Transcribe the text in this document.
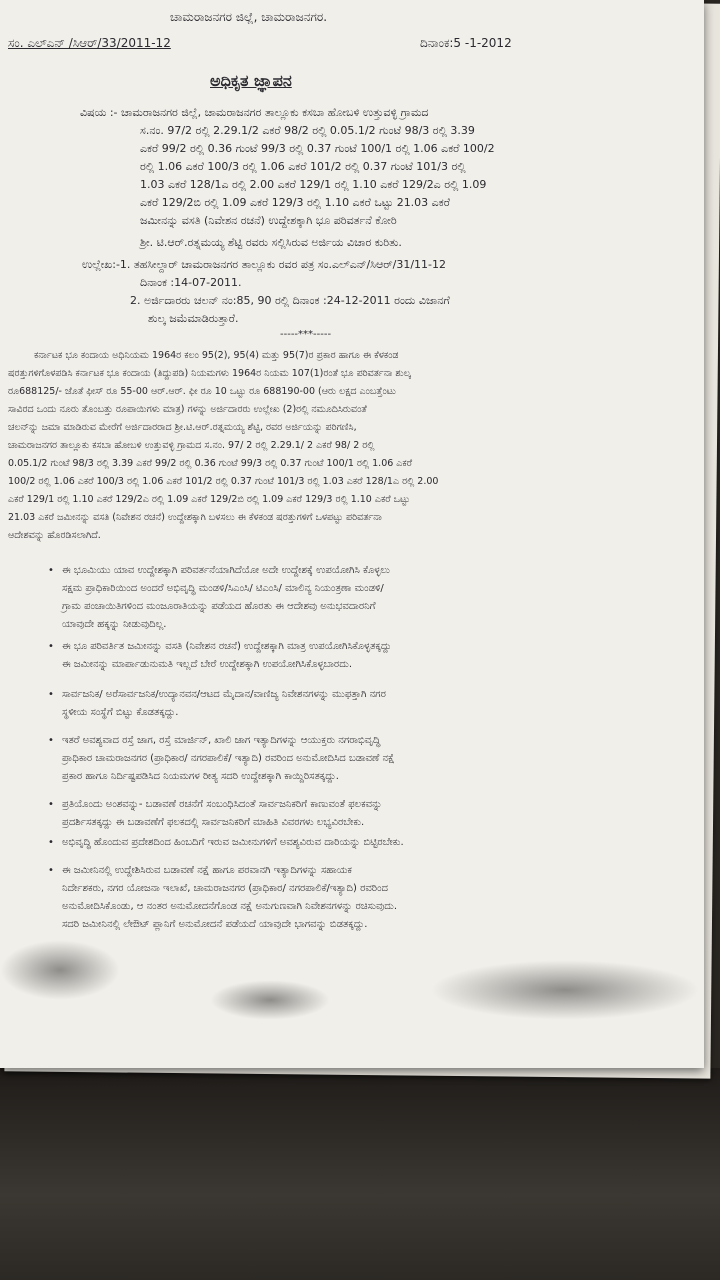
ಚಾಮರಾಜನಗರ ಜಿಲ್ಲೆ, ಚಾಮರಾಜನಗರ.
ಸಂ. ಎಲ್‌ಎನ್‌ /ಸಿಆರ್/33/2011-12	ದಿನಾಂಕ:5 -1-2012
ಅಧಿಕೃತ ಜ್ಞಾಪನ
ವಿಷಯ :- ಚಾಮರಾಜನಗರ ಜಿಲ್ಲೆ, ಚಾಮರಾಜನಗರ ತಾಲ್ಲೂಕು ಕಸಬಾ ಹೋಬಳಿ ಉತ್ತುವಳ್ಳಿ ಗ್ರಾಮದ
ಸ.ನಂ. 97/2 ರಲ್ಲಿ 2.29.1/2 ಎಕರೆ 98/2 ರಲ್ಲಿ 0.05.1/2 ಗುಂಟೆ 98/3 ರಲ್ಲಿ 3.39
ಎಕರೆ 99/2 ರಲ್ಲಿ 0.36 ಗುಂಟೆ 99/3 ರಲ್ಲಿ 0.37 ಗುಂಟೆ 100/1 ರಲ್ಲಿ 1.06 ಎಕರೆ 100/2
ರಲ್ಲಿ 1.06 ಎಕರೆ 100/3 ರಲ್ಲಿ 1.06 ಎಕರೆ 101/2 ರಲ್ಲಿ 0.37 ಗುಂಟೆ 101/3 ರಲ್ಲಿ
1.03 ಎಕರೆ 128/1ಎ ರಲ್ಲಿ 2.00 ಎಕರೆ 129/1 ರಲ್ಲಿ 1.10 ಎಕರೆ 129/2ಎ ರಲ್ಲಿ 1.09
ಎಕರೆ 129/2ಬಿ ರಲ್ಲಿ 1.09 ಎಕರೆ 129/3 ರಲ್ಲಿ 1.10 ಎಕರೆ ಒಟ್ಟು 21.03 ಎಕರೆ
ಜಮೀನನ್ನು ವಸತಿ (ನಿವೇಶನ ರಚನೆ) ಉದ್ದೇಶಕ್ಕಾಗಿ ಭೂ ಪರಿವರ್ತನೆ ಕೋರಿ
ಶ್ರೀ. ಟಿ.ಆರ್.ರತ್ನಮಯ್ಯ ಶೆಟ್ಟಿ ರವರು ಸಲ್ಲಿಸಿರುವ ಅರ್ಜಿಯ ವಿಚಾರ ಕುರಿತು.
ಉಲ್ಲೇಖ:-1. ತಹಸೀಲ್ದಾರ್ ಚಾಮರಾಜನಗರ ತಾಲ್ಲೂಕು ರವರ ಪತ್ರ ಸಂ.ಎಲ್‌ಎನ್‌/ಸಿಆರ್/31/11-12
ದಿನಾಂಕ :14-07-2011.
2. ಅರ್ಜಿದಾರರು ಚಲನ್ ನಂ:85, 90 ರಲ್ಲಿ ದಿನಾಂಕ :24-12-2011 ರಂದು ವಿಜಾನಗೆ
ಶುಲ್ಕ ಜಮೆಮಾಡಿರುತ್ತಾರೆ.
-----***-----
ಕರ್ನಾಟಕ ಭೂ ಕಂದಾಯ ಅಧಿನಿಯಮ 1964ರ ಕಲಂ 95(2), 95(4) ಮತ್ತು 95(7)ರ ಪ್ರಕಾರ ಹಾಗೂ ಈ ಕೆಳಕಂಡ
ಷರತ್ತುಗಳಿಗೊಳಪಡಿಸಿ ಕರ್ನಾಟಕ ಭೂ ಕಂದಾಯ (ತಿದ್ದುಪಡಿ) ನಿಯಮಗಳು 1964ರ ನಿಯಮ 107(1)ರಂತೆ ಭೂ ಪರಿವರ್ತನಾ ಶುಲ್ಕ
ರೂ688125/- ಜೊತೆ ಫೀಸ್ ರೂ 55-00 ಆರ್.ಆರ್. ಫೀ ರೂ 10 ಒಟ್ಟು ರೂ 688190-00 (ಆರು ಲಕ್ಷದ ಎಂಬತ್ತೆಂಟು
ಸಾವಿರದ ಒಂದು ನೂರು ತೊಂಬತ್ತು ರೂಪಾಯಿಗಳು ಮಾತ್ರ) ಗಳನ್ನು ಅರ್ಜಿದಾರರು ಉಲ್ಲೇಖ (2)ರಲ್ಲಿ ನಮೂದಿಸಿರುವಂತೆ
ಚಲನ್‌ನ್ನು ಜಮಾ ಮಾಡಿರುವ ಮೇರೆಗೆ ಅರ್ಜಿದಾರರಾದ ಶ್ರೀ.ಟಿ.ಆರ್.ರತ್ನಮಯ್ಯ ಶೆಟ್ಟಿ, ರವರ ಅರ್ಜಿಯನ್ನು ಪರಿಗಣಿಸಿ,
ಚಾಮರಾಜನಗರ ತಾಲ್ಲೂಕು ಕಸಬಾ ಹೋಬಳಿ ಉತ್ತುವಳ್ಳಿ ಗ್ರಾಮದ ಸ.ನಂ. 97/ 2 ರಲ್ಲಿ 2.29.1/ 2 ಎಕರೆ 98/ 2 ರಲ್ಲಿ
0.05.1/2 ಗುಂಟೆ 98/3 ರಲ್ಲಿ 3.39 ಎಕರೆ 99/2 ರಲ್ಲಿ 0.36 ಗುಂಟೆ 99/3 ರಲ್ಲಿ 0.37 ಗುಂಟೆ 100/1 ರಲ್ಲಿ 1.06 ಎಕರೆ
100/2 ರಲ್ಲಿ 1.06 ಎಕರೆ 100/3 ರಲ್ಲಿ 1.06 ಎಕರೆ 101/2 ರಲ್ಲಿ 0.37 ಗುಂಟೆ 101/3 ರಲ್ಲಿ 1.03 ಎಕರೆ 128/1ಎ ರಲ್ಲಿ 2.00
ಎಕರೆ 129/1 ರಲ್ಲಿ 1.10 ಎಕರೆ 129/2ಎ ರಲ್ಲಿ 1.09 ಎಕರೆ 129/2ಬಿ ರಲ್ಲಿ 1.09 ಎಕರೆ 129/3 ರಲ್ಲಿ 1.10 ಎಕರೆ ಒಟ್ಟು
21.03 ಎಕರೆ ಜಮೀನನ್ನು ವಸತಿ (ನಿವೇಶನ ರಚನೆ) ಉದ್ದೇಶಕ್ಕಾಗಿ ಬಳಸಲು ಈ ಕೆಳಕಂಡ ಷರತ್ತುಗಳಿಗೆ ಒಳಪಟ್ಟು ಪರಿವರ್ತನಾ
ಆದೇಶವನ್ನು ಹೊರಡಿಸಲಾಗಿದೆ.
• ಈ ಭೂಮಿಯು ಯಾವ ಉದ್ದೇಶಕ್ಕಾಗಿ ಪರಿವರ್ತನೆಯಾಗಿದೆಯೋ ಅದೇ ಉದ್ದೇಶಕ್ಕೆ ಉಪಯೋಗಿಸಿ ಕೊಳ್ಳಲು
ಸಕ್ಷಮ ಪ್ರಾಧಿಕಾರಿಯಿಂದ ಅಂದರೆ ಅಭಿವೃದ್ಧಿ ಮಂಡಳಿ/ಸಿಎಂಸಿ/ ಟಿಎಂಸಿ/ ಮಾಲಿನ್ಯ ನಿಯಂತ್ರಣಾ ಮಂಡಳಿ/
ಗ್ರಾಮ ಪಂಚಾಯಿತಿಗಳಿಂದ ಮಂಜೂರಾತಿಯನ್ನು ಪಡೆಯದ ಹೊರತು ಈ ಆದೇಶವು ಅನುಭವದಾರನಿಗೆ
ಯಾವುದೇ ಹಕ್ಕನ್ನು ನೀಡುವುದಿಲ್ಲ.
• ಈ ಭೂ ಪರಿವರ್ತಿತ ಜಮೀನನ್ನು ವಸತಿ (ನಿವೇಶನ ರಚನೆ) ಉದ್ದೇಶಕ್ಕಾಗಿ ಮಾತ್ರ ಉಪಯೋಗಿಸಿಕೊಳ್ಳತಕ್ಕದ್ದು
ಈ ಜಮೀನನ್ನು ಮಾರ್ಪಾಡುನುಮತಿ ಇಲ್ಲದೆ ಬೇರೆ ಉದ್ದೇಶಕ್ಕಾಗಿ ಉಪಯೋಗಿಸಿಕೊಳ್ಳಬಾರದು.
• ಸಾರ್ವಜನಿಕ/ ಅರೆಸಾರ್ವಜನಿಕ/ಉದ್ಯಾನವನ/ಆಟದ ಮೈದಾನ/ವಾಣಿಜ್ಯ ನಿವೇಶನಗಳನ್ನು ಮುಫತ್ತಾಗಿ ನಗರ
ಸ್ಥಳೀಯ ಸಂಸ್ಥೆಗೆ ಬಿಟ್ಟು ಕೊಡತಕ್ಕದ್ದು.
• ಇತರೆ ಅವಶ್ಯವಾದ ರಸ್ತೆ ಜಾಗ, ರಸ್ತೆ ಮಾರ್ಜಿನ್, ಖಾಲಿ ಜಾಗ ಇತ್ಯಾದಿಗಳನ್ನು ಆಯುಕ್ತರು ನಗರಾಭಿವೃದ್ಧಿ
ಪ್ರಾಧಿಕಾರ ಚಾಮರಾಜನಗರ (ಪ್ರಾಧಿಕಾರ/ ನಗರಪಾಲಿಕೆ/ ಇತ್ಯಾದಿ) ರವರಿಂದ ಅನುಮೋದಿಸಿದ ಬಡಾವಣೆ ನಕ್ಷೆ
ಪ್ರಕಾರ ಹಾಗೂ ನಿರ್ದಿಷ್ಟಪಡಿಸಿದ ನಿಯಮಗಳ ರೀತ್ಯ ಸದರಿ ಉದ್ದೇಶಕ್ಕಾಗಿ ಕಾಯ್ದಿರಿಸತಕ್ಕದ್ದು.
• ಪ್ರತಿಯೊಂದು ಅಂಶವನ್ನು- ಬಡಾವಣೆ ರಚನೆಗೆ ಸಂಬಂಧಿಸಿದಂತೆ ಸಾರ್ವಜನಿಕರಿಗೆ ಕಾಣುವಂತೆ ಫಲಕವನ್ನು
ಪ್ರದರ್ಶಿಸತಕ್ಕದ್ದು ಈ ಬಡಾವಣೆಗೆ ಫಲಕದಲ್ಲಿ ಸಾರ್ವಜನಿಕರಿಗೆ ಮಾಹಿತಿ ವಿವರಗಳು ಲಭ್ಯವಿರಬೇಕು.
• ಅಭಿವೃದ್ಧಿ ಹೊಂದುವ ಪ್ರದೇಶದಿಂದ ಹಿಂಬದಿಗೆ ಇರುವ ಜಮೀನುಗಳಿಗೆ ಅವಶ್ಯವಿರುವ ದಾರಿಯನ್ನು ಬಿಟ್ಟಿರಬೇಕು.
• ಈ ಜಮೀನಿನಲ್ಲಿ ಉದ್ದೇಶಿಸಿರುವ ಬಡಾವಣೆ ನಕ್ಷೆ ಹಾಗೂ ಪರವಾನಗಿ ಇತ್ಯಾದಿಗಳನ್ನು ಸಹಾಯಕ
ನಿರ್ದೇಶಕರು, ನಗರ ಯೋಜನಾ ಇಲಾಖೆ, ಚಾಮರಾಜನಗರ (ಪ್ರಾಧಿಕಾರ/ ನಗರಪಾಲಿಕೆ/ಇತ್ಯಾದಿ) ರವರಿಂದ
ಅನುಮೋದಿಸಿಕೊಂಡು, ಆ ನಂತರ ಅನುಮೋದನೆಗೊಂಡ ನಕ್ಷೆ ಅನುಗುಣವಾಗಿ ನಿವೇಶನಗಳನ್ನು ರಚಿಸುವುದು.
ಸದರಿ ಜಮೀನಿನಲ್ಲಿ ಲೇಔಟ್ ಪ್ಲಾನಿಗೆ ಅನುಮೋದನೆ ಪಡೆಯದೆ ಯಾವುದೇ ಭಾಗವನ್ನು ಬಿಡತಕ್ಕದ್ದು.
